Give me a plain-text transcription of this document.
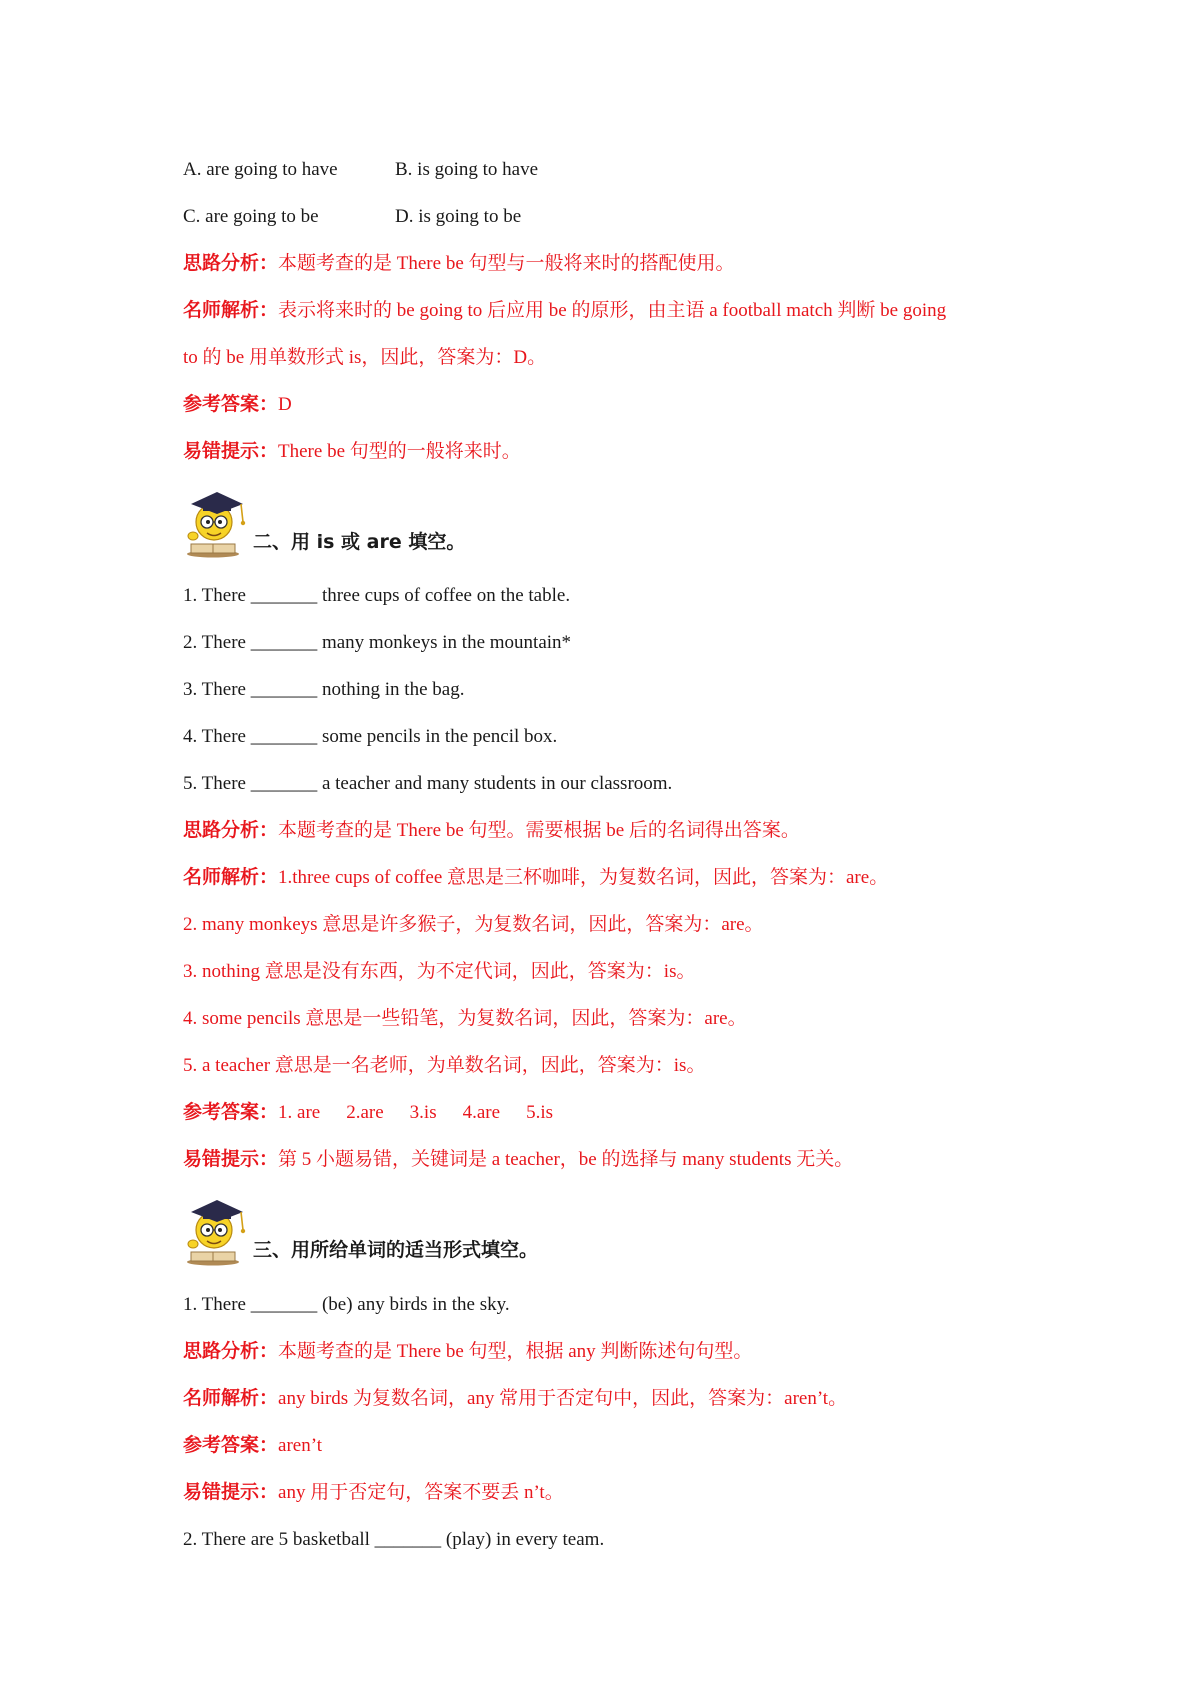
A. are going to have	B. is going to have
C. are going to be	D. is going to be
思路分析：本题考查的是 There be 句型与一般将来时的搭配使用。
名师解析：表示将来时的 be going to 后应用 be 的原形，由主语 a football match 判断 be going
to 的 be 用单数形式 is，因此，答案为：D。
参考答案：D
易错提示：There be 句型的一般将来时。
二、用 is 或 are 填空。
1. There _______ three cups of coffee on the table.
2. There _______ many monkeys in the mountain*
3. There _______ nothing in the bag.
4. There _______ some pencils in the pencil box.
5. There _______ a teacher and many students in our classroom.
思路分析：本题考查的是 There be 句型。需要根据 be 后的名词得出答案。
名师解析：1.three cups of coffee 意思是三杯咖啡，为复数名词，因此，答案为：are。
2. many monkeys 意思是许多猴子，为复数名词，因此，答案为：are。
3. nothing 意思是没有东西，为不定代词，因此，答案为：is。
4. some pencils 意思是一些铅笔，为复数名词，因此，答案为：are。
5. a teacher 意思是一名老师，为单数名词，因此，答案为：is。
参考答案：1. are 2.are 3.is 4.are 5.is
易错提示：第 5 小题易错，关键词是 a teacher，be 的选择与 many students 无关。
三、用所给单词的适当形式填空。
1. There _______ (be) any birds in the sky.
思路分析：本题考查的是 There be 句型，根据 any 判断陈述句句型。
名师解析：any birds 为复数名词，any 常用于否定句中，因此，答案为：aren’t。
参考答案：aren’t
易错提示：any 用于否定句，答案不要丢 n’t。
2. There are 5 basketball _______ (play) in every team.
